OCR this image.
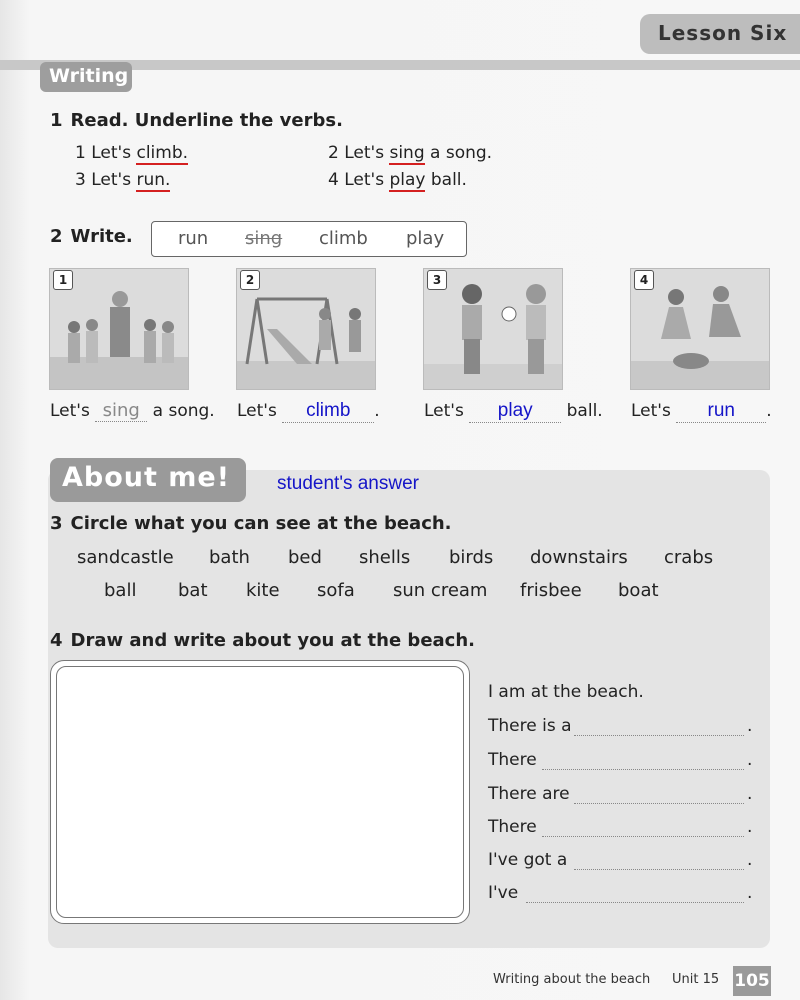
Lesson Six
Writing
1 Read. Underline the verbs.
1 Let's climb.	2 Let's sing a song.
3 Let's run.	4 Let's play ball.
2 Write.	run sing climb play
1	2	3	4
Let's sing a song. Let's climb .	Let's play ball. Let's run .
About me! student's answer
3 Circle what you can see at the beach.
sandcastle bath bed shells birds downstairs crabs
ball bat kite sofa sun cream frisbee boat
4 Draw and write about you at the beach.
I am at the beach.
There is a	.
There	.
There are	.
There	.
I've got a	.
I've	.
Writing about the beach Unit 15 105
